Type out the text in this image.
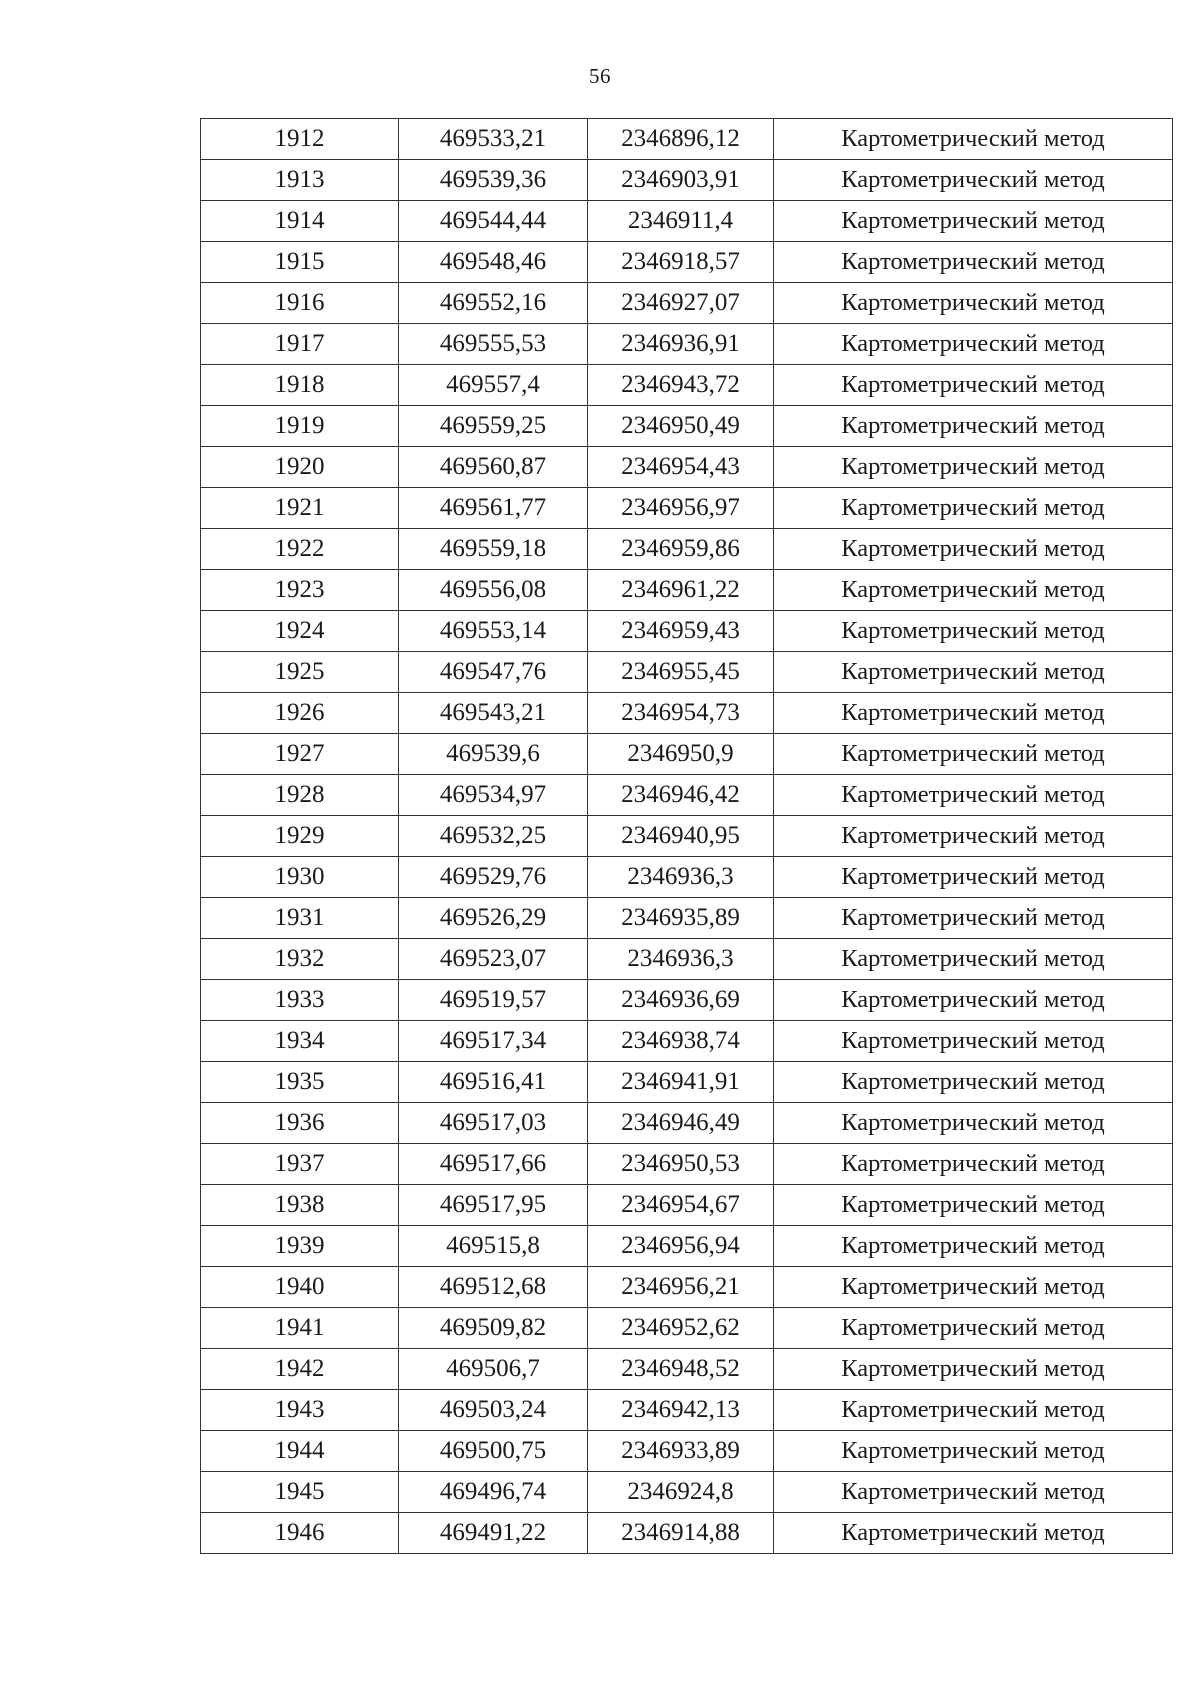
56
1912	469533,21	2346896,12	Картометрический метод
1913	469539,36	2346903,91	Картометрический метод
1914	469544,44	2346911,4	Картометрический метод
1915	469548,46	2346918,57	Картометрический метод
1916	469552,16	2346927,07	Картометрический метод
1917	469555,53	2346936,91	Картометрический метод
1918	469557,4	2346943,72	Картометрический метод
1919	469559,25	2346950,49	Картометрический метод
1920	469560,87	2346954,43	Картометрический метод
1921	469561,77	2346956,97	Картометрический метод
1922	469559,18	2346959,86	Картометрический метод
1923	469556,08	2346961,22	Картометрический метод
1924	469553,14	2346959,43	Картометрический метод
1925	469547,76	2346955,45	Картометрический метод
1926	469543,21	2346954,73	Картометрический метод
1927	469539,6	2346950,9	Картометрический метод
1928	469534,97	2346946,42	Картометрический метод
1929	469532,25	2346940,95	Картометрический метод
1930	469529,76	2346936,3	Картометрический метод
1931	469526,29	2346935,89	Картометрический метод
1932	469523,07	2346936,3	Картометрический метод
1933	469519,57	2346936,69	Картометрический метод
1934	469517,34	2346938,74	Картометрический метод
1935	469516,41	2346941,91	Картометрический метод
1936	469517,03	2346946,49	Картометрический метод
1937	469517,66	2346950,53	Картометрический метод
1938	469517,95	2346954,67	Картометрический метод
1939	469515,8	2346956,94	Картометрический метод
1940	469512,68	2346956,21	Картометрический метод
1941	469509,82	2346952,62	Картометрический метод
1942	469506,7	2346948,52	Картометрический метод
1943	469503,24	2346942,13	Картометрический метод
1944	469500,75	2346933,89	Картометрический метод
1945	469496,74	2346924,8	Картометрический метод
1946	469491,22	2346914,88	Картометрический метод
